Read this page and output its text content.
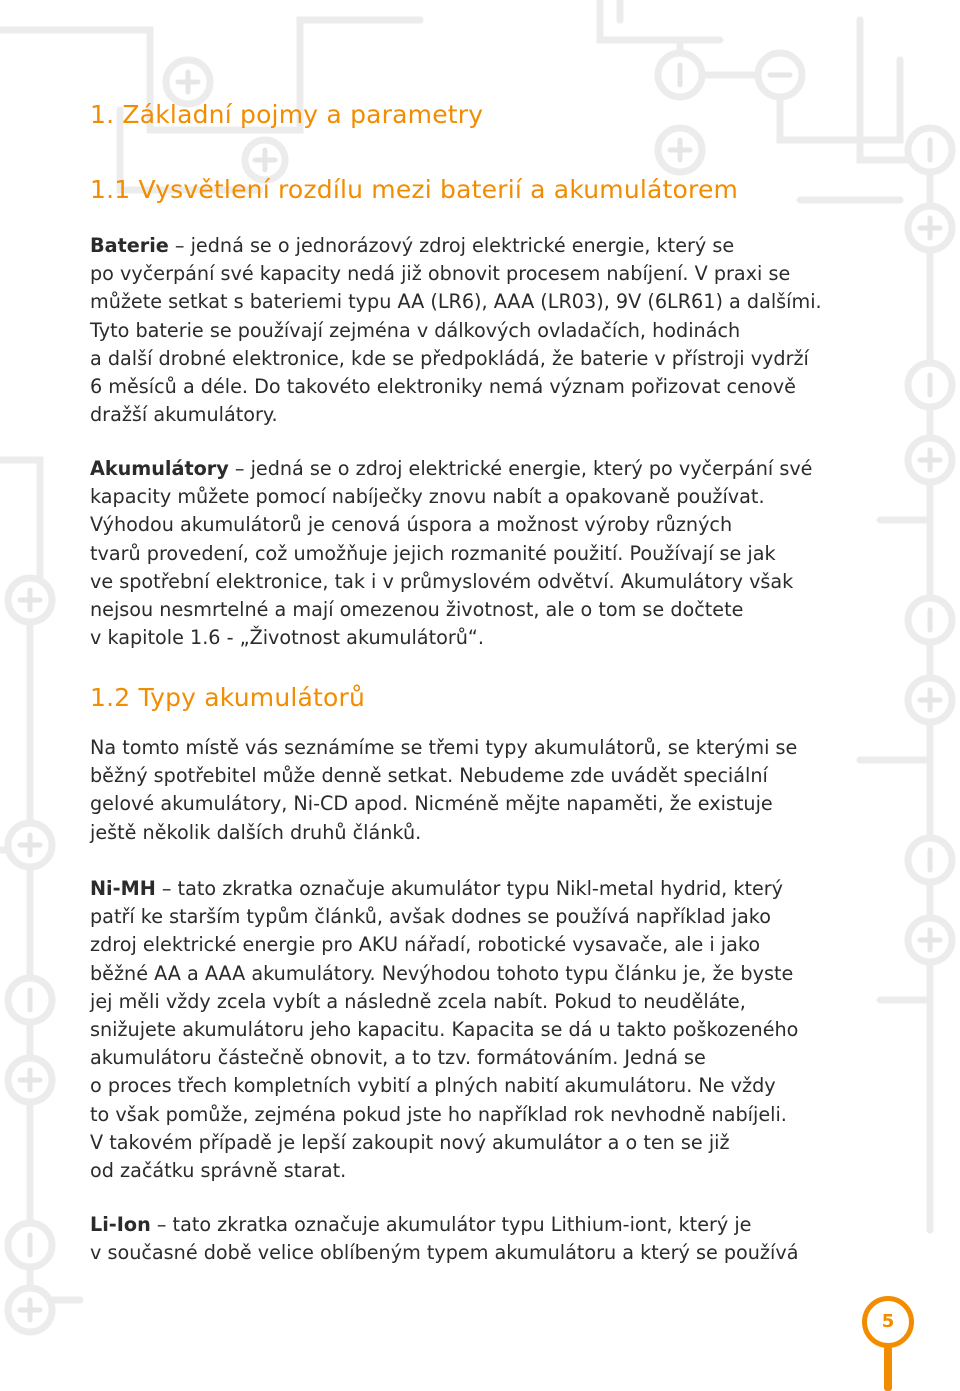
1. Základní pojmy a parametry
1.1 Vysvětlení rozdílu mezi baterií a akumulátorem
Baterie – jedná se o jednorázový zdroj elektrické energie, který se
po vyčerpání své kapacity nedá již obnovit procesem nabíjení. V praxi se
můžete setkat s bateriemi typu AA (LR6), AAA (LR03), 9V (6LR61) a dalšími.
Tyto baterie se používají zejména v dálkových ovladačích, hodinách
a další drobné elektronice, kde se předpokládá, že baterie v přístroji vydrží
6 měsíců a déle. Do takovéto elektroniky nemá význam pořizovat cenově
dražší akumulátory.
Akumulátory – jedná se o zdroj elektrické energie, který po vyčerpání své
kapacity můžete pomocí nabíječky znovu nabít a opakovaně používat.
Výhodou akumulátorů je cenová úspora a možnost výroby různých
tvarů provedení, což umožňuje jejich rozmanité použití. Používají se jak
ve spotřební elektronice, tak i v průmyslovém odvětví. Akumulátory však
nejsou nesmrtelné a mají omezenou životnost, ale o tom se dočtete
v kapitole 1.6 - „Životnost akumulátorů“.
1.2 Typy akumulátorů
Na tomto místě vás seznámíme se třemi typy akumulátorů, se kterými se
běžný spotřebitel může denně setkat. Nebudeme zde uvádět speciální
gelové akumulátory, Ni-CD apod. Nicméně mějte napaměti, že existuje
ještě několik dalších druhů článků.
Ni-MH – tato zkratka označuje akumulátor typu Nikl-metal hydrid, který
patří ke starším typům článků, avšak dodnes se používá například jako
zdroj elektrické energie pro AKU nářadí, robotické vysavače, ale i jako
běžné AA a AAA akumulátory. Nevýhodou tohoto typu článku je, že byste
jej měli vždy zcela vybít a následně zcela nabít. Pokud to neuděláte,
snižujete akumulátoru jeho kapacitu. Kapacita se dá u takto poškozeného
akumulátoru částečně obnovit, a to tzv. formátováním. Jedná se
o proces třech kompletních vybití a plných nabití akumulátoru. Ne vždy
to však pomůže, zejména pokud jste ho například rok nevhodně nabíjeli.
V takovém případě je lepší zakoupit nový akumulátor a o ten se již
od začátku správně starat.
Li-Ion – tato zkratka označuje akumulátor typu Lithium-iont, který je
v současné době velice oblíbeným typem akumulátoru a který se používá
5
